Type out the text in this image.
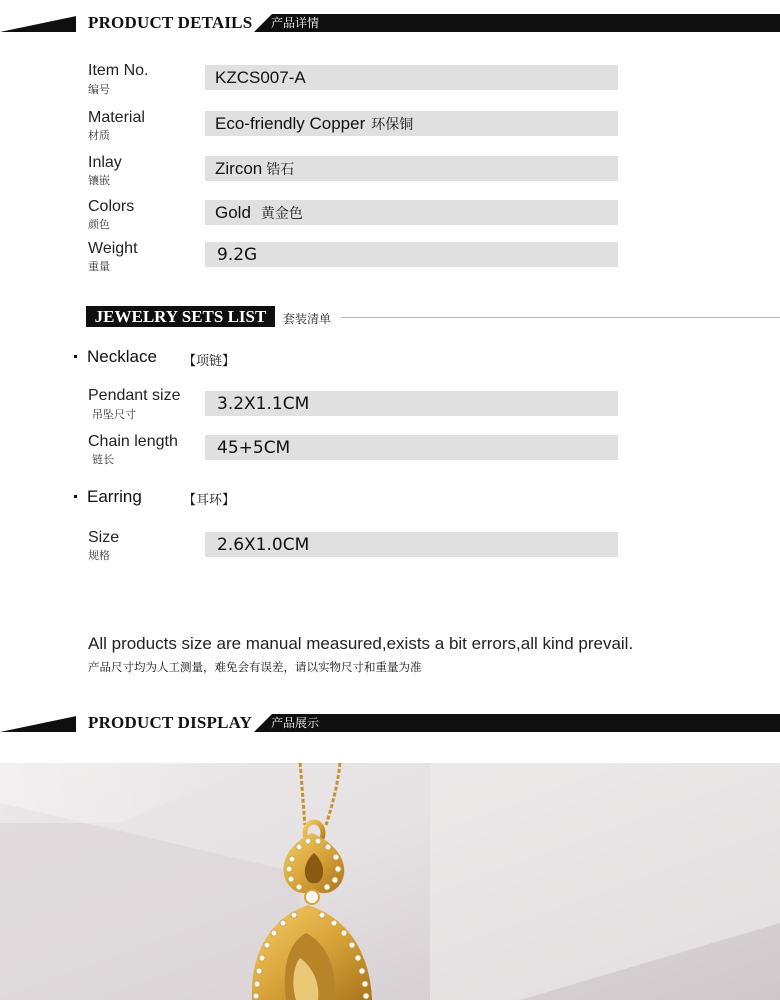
PRODUCT DETAILS 产品详情
Item No.
编号
KZCS007-A
Material
材质
Eco-friendly Copper 环保铜
Inlay
镶嵌
Zircon 锆石
Colors
颜色
Gold 黄金色
Weight
重量
9.2G
JEWELRY SETS LIST	套装清单
Necklace 【项链】
Pendant size
吊坠尺寸
3.2X1.1CM
Chain length
链长
45+5CM
Earring	【耳环】
Size
规格
2.6X1.0CM
All products size are manual measured,exists a bit errors,all kind prevail.
产品尺寸均为人工测量，难免会有误差，请以实物尺寸和重量为准
PRODUCT DISPLAY 产品展示
